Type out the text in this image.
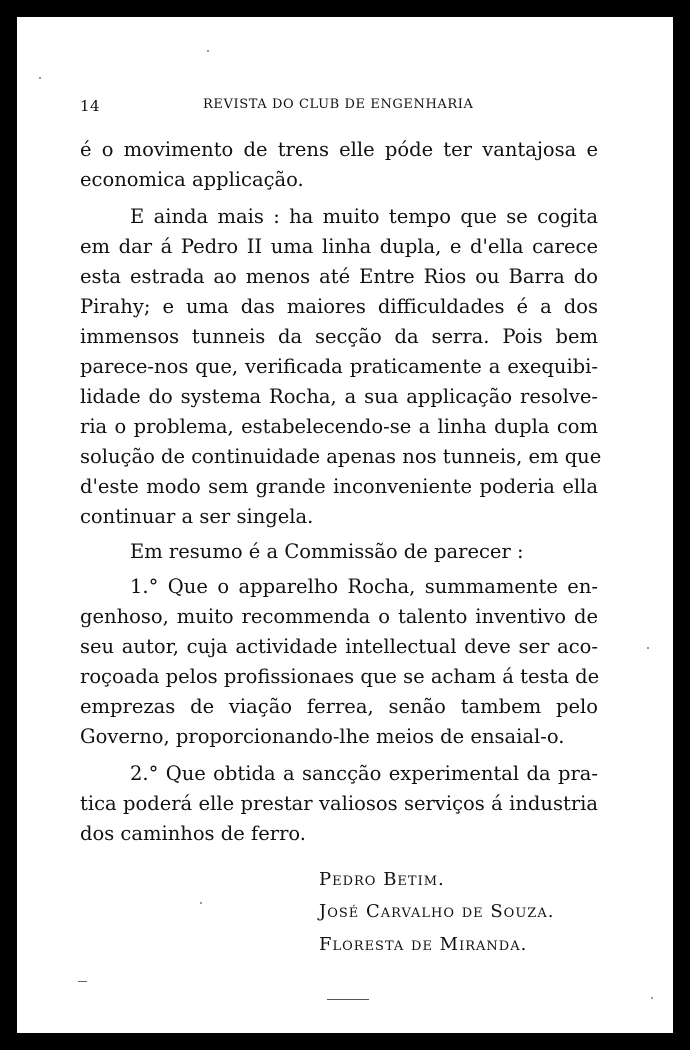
14	REVISTA DO CLUB DE ENGENHARIA
é o movimento de trens elle póde ter vantajosa e
economica applicação.
E ainda mais : ha muito tempo que se cogita
em dar á Pedro II uma linha dupla, e d'ella carece
esta estrada ao menos até Entre Rios ou Barra do
Pirahy; e uma das maiores difficuldades é a dos
immensos tunneis da secção da serra. Pois bem
parece-nos que, verificada praticamente a exequibi-
lidade do systema Rocha, a sua applicação resolve-
ria o problema, estabelecendo-se a linha dupla com
solução de continuidade apenas nos tunneis, em que
d'este modo sem grande inconveniente poderia ella
continuar a ser singela.
Em resumo é a Commissão de parecer :
1.° Que o apparelho Rocha, summamente en-
genhoso, muito recommenda o talento inventivo de
seu autor, cuja actividade intellectual deve ser aco-
roçoada pelos profissionaes que se acham á testa de
emprezas de viação ferrea, senão tambem pelo
Governo, proporcionando-lhe meios de ensaial-o.
2.° Que obtida a sancção experimental da pra-
tica poderá elle prestar valiosos serviços á industria
dos caminhos de ferro.
Pedro Betim.
José Carvalho de Souza.
Floresta de Miranda.
